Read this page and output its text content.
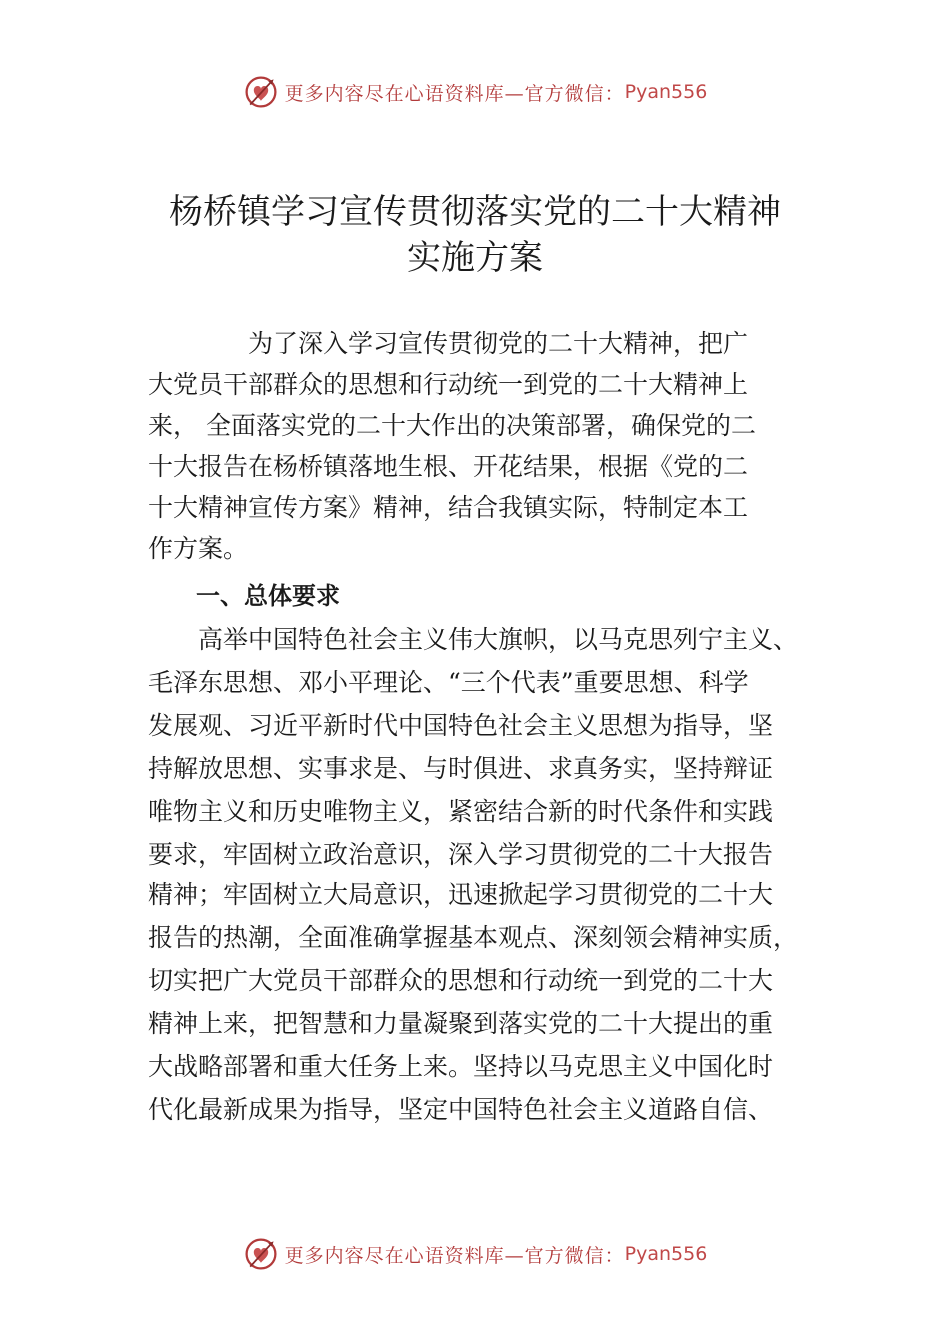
更多内容尽在心语资料库—官方微信： Pyan556
杨桥镇学习宣传贯彻落实党的二十大精神
实施方案
为了深入学习宣传贯彻党的二十大精神，把广
大党员干部群众的思想和行动统一到党的二十大精神上
来， 全面落实党的二十大作出的决策部署，确保党的二
十大报告在杨桥镇落地生根、开花结果，根据《党的二
十大精神宣传方案》精神，结合我镇实际，特制定本工
作方案。
一、总体要求
高举中国特色社会主义伟大旗帜，以马克思列宁主义、
毛泽东思想、邓小平理论、“三个代表”重要思想、科学
发展观、习近平新时代中国特色社会主义思想为指导，坚
持解放思想、实事求是、与时俱进、求真务实，坚持辩证
唯物主义和历史唯物主义，紧密结合新的时代条件和实践
要求，牢固树立政治意识，深入学习贯彻党的二十大报告
精神；牢固树立大局意识，迅速掀起学习贯彻党的二十大
报告的热潮，全面准确掌握基本观点、深刻领会精神实质，
切实把广大党员干部群众的思想和行动统一到党的二十大
精神上来，把智慧和力量凝聚到落实党的二十大提出的重
大战略部署和重大任务上来。坚持以马克思主义中国化时
代化最新成果为指导，坚定中国特色社会主义道路自信、
更多内容尽在心语资料库—官方微信： Pyan556
